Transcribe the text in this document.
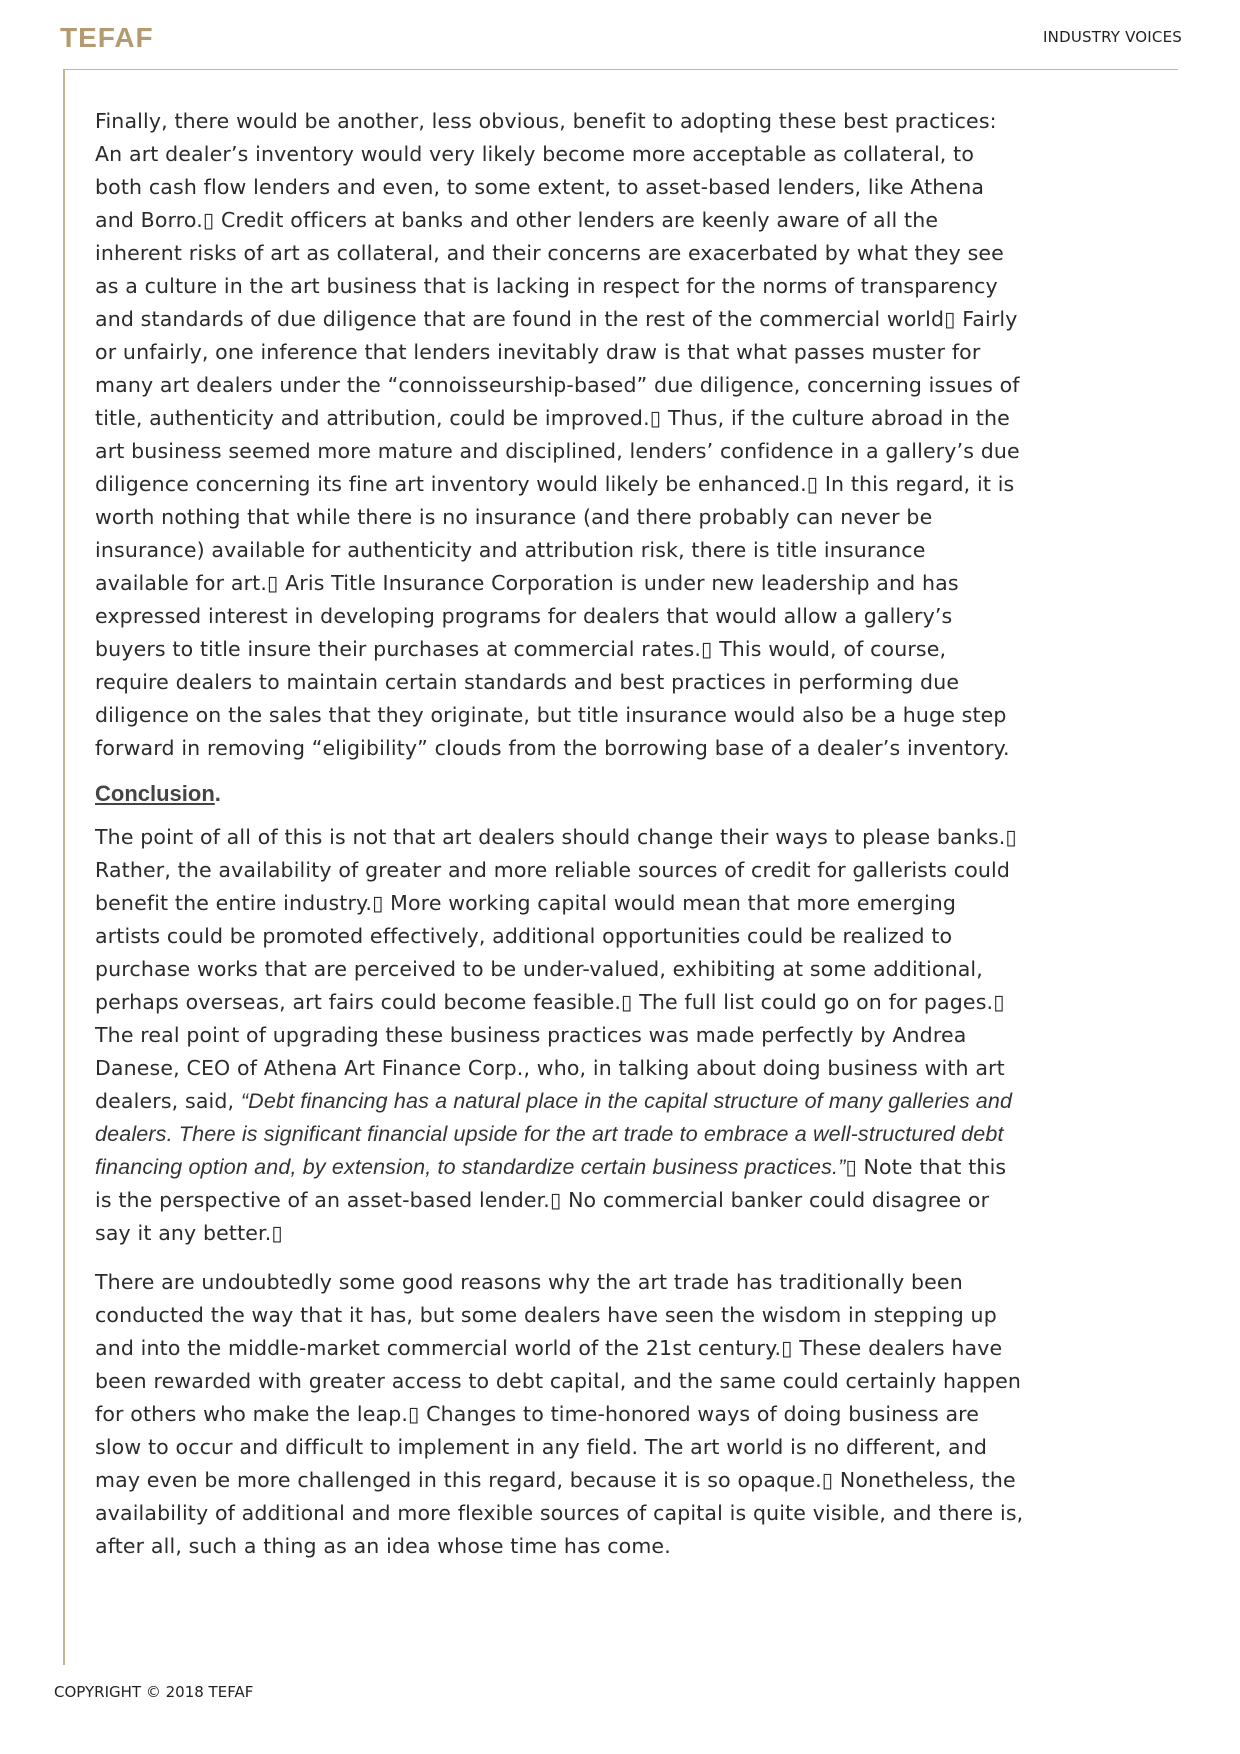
TEFAF	INDUSTRY VOICES

Finally, there would be another, less obvious, benefit to adopting these best practices: An art dealer’s inventory would very likely become more acceptable as collateral, to both cash flow lenders and even, to some extent, to asset-based lenders, like Athena and Borro.▯ Credit officers at banks and other lenders are keenly aware of all the inherent risks of art as collateral, and their concerns are exacerbated by what they see as a culture in the art business that is lacking in respect for the norms of transparency and standards of due diligence that are found in the rest of the commercial world▯ Fairly or unfairly, one inference that lenders inevitably draw is that what passes muster for many art dealers under the “connoisseurship-based” due diligence, concerning issues of title, authenticity and attribution, could be improved.▯ Thus, if the culture abroad in the art business seemed more mature and disciplined, lenders’ confidence in a gallery’s due diligence concerning its fine art inventory would likely be enhanced.▯ In this regard, it is worth nothing that while there is no insurance (and there probably can never be insurance) available for authenticity and attribution risk, there is title insurance available for art.▯ Aris Title Insurance Corporation is under new leadership and has expressed interest in developing programs for dealers that would allow a gallery’s buyers to title insure their purchases at commercial rates.▯ This would, of course, require dealers to maintain certain standards and best practices in performing due diligence on the sales that they originate, but title insurance would also be a huge step forward in removing “eligibility” clouds from the borrowing base of a dealer’s inventory.

Conclusion.

The point of all of this is not that art dealers should change their ways to please banks.▯ Rather, the availability of greater and more reliable sources of credit for gallerists could benefit the entire industry.▯ More working capital would mean that more emerging artists could be promoted effectively, additional opportunities could be realized to purchase works that are perceived to be under-valued, exhibiting at some additional, perhaps overseas, art fairs could become feasible.▯ The full list could go on for pages.▯ The real point of upgrading these business practices was made perfectly by Andrea Danese, CEO of Athena Art Finance Corp., who, in talking about doing business with art dealers, said, “Debt financing has a natural place in the capital structure of many galleries and dealers. There is significant financial upside for the art trade to embrace a well-structured debt financing option and, by extension, to standardize certain business practices.”▯ Note that this is the perspective of an asset-based lender.▯ No commercial banker could disagree or say it any better.▯

There are undoubtedly some good reasons why the art trade has traditionally been conducted the way that it has, but some dealers have seen the wisdom in stepping up and into the middle-market commercial world of the 21st century.▯ These dealers have been rewarded with greater access to debt capital, and the same could certainly happen for others who make the leap.▯ Changes to time-honored ways of doing business are slow to occur and difficult to implement in any field. The art world is no different, and may even be more challenged in this regard, because it is so opaque.▯ Nonetheless, the availability of additional and more flexible sources of capital is quite visible, and there is, after all, such a thing as an idea whose time has come.

COPYRIGHT © 2018 TEFAF
